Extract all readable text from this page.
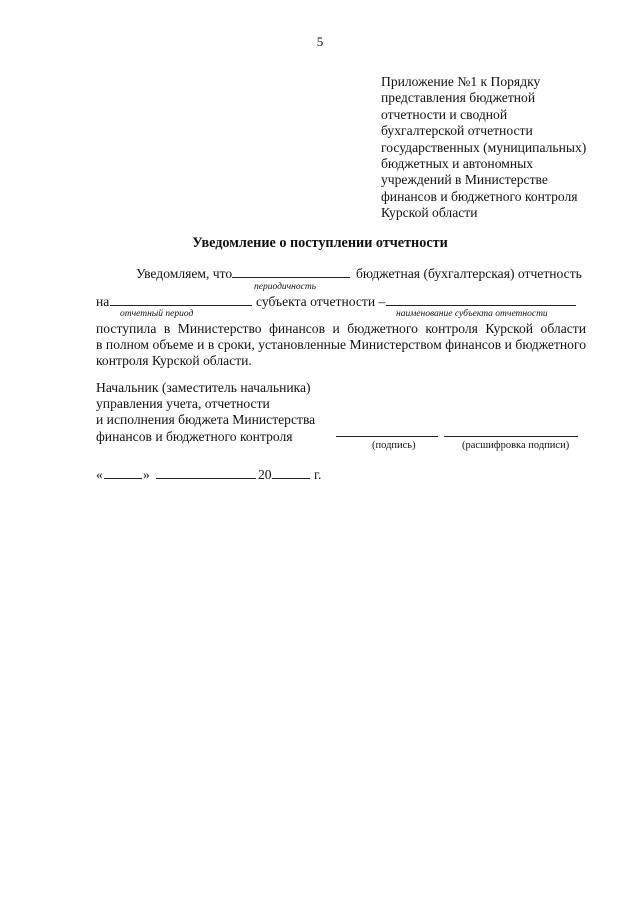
5
Приложение №1 к Порядку
представления бюджетной
отчетности и сводной
бухгалтерской отчетности
государственных (муниципальных)
бюджетных и автономных
учреждений в Министерстве
финансов и бюджетного контроля
Курской области
Уведомление о поступлении отчетности
Уведомляем, что	бюджетная (бухгалтерская) отчетность
периодичность
на	субъекта отчетности –
отчетный период	наименование субъекта отчетности
поступила в Министерство финансов и бюджетного контроля Курской области
в полном объеме и в сроки, установленные Министерством финансов и бюджетного
контроля Курской области.
Начальник (заместитель начальника)
управления учета, отчетности
и исполнения бюджета Министерства
финансов и бюджетного контроля
(подпись)	(расшифровка подписи)
«	»	20	г.
